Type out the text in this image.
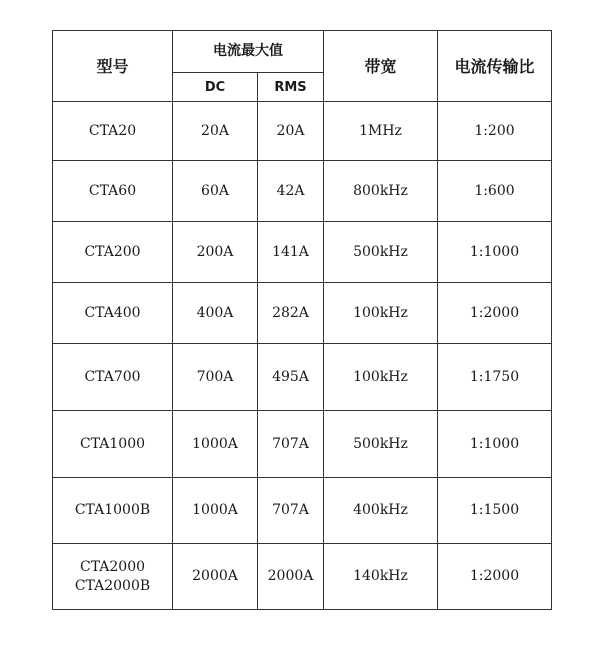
型号	电流最大值		带宽	电流传输比
	DC	RMS		

CTA20	20A	20A	1MHz	1:200

CTA60	60A	42A	800kHz	1:600

CTA200	200A	141A	500kHz	1:1000

CTA400	400A	282A	100kHz	1:2000

CTA700	700A	495A	100kHz	1:1750

CTA1000	1000A	707A	500kHz	1:1000

CTA1000B	1000A	707A	400kHz	1:1500

CTA2000
CTA2000B	2000A	2000A	140kHz	1:2000
